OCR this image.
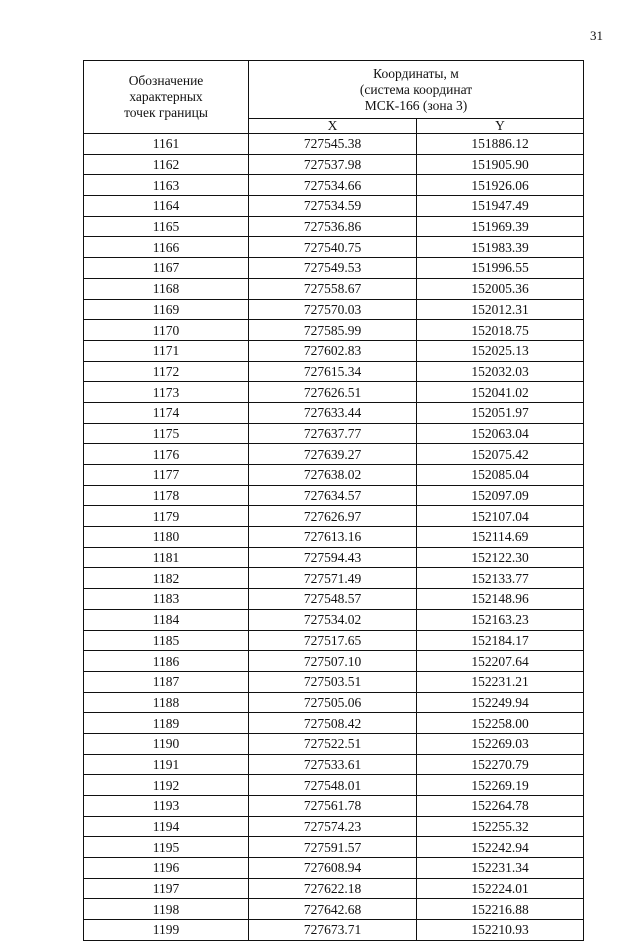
31
Обозначение
характерных
точек границы	Координаты, м
(система координат
МСК-166 (зона 3)	

	X	Y
1161	727545.38	151886.12
1162	727537.98	151905.90
1163	727534.66	151926.06
1164	727534.59	151947.49
1165	727536.86	151969.39
1166	727540.75	151983.39
1167	727549.53	151996.55
1168	727558.67	152005.36
1169	727570.03	152012.31
1170	727585.99	152018.75
1171	727602.83	152025.13
1172	727615.34	152032.03
1173	727626.51	152041.02
1174	727633.44	152051.97
1175	727637.77	152063.04
1176	727639.27	152075.42
1177	727638.02	152085.04
1178	727634.57	152097.09
1179	727626.97	152107.04
1180	727613.16	152114.69
1181	727594.43	152122.30
1182	727571.49	152133.77
1183	727548.57	152148.96
1184	727534.02	152163.23
1185	727517.65	152184.17
1186	727507.10	152207.64
1187	727503.51	152231.21
1188	727505.06	152249.94
1189	727508.42	152258.00
1190	727522.51	152269.03
1191	727533.61	152270.79
1192	727548.01	152269.19
1193	727561.78	152264.78
1194	727574.23	152255.32
1195	727591.57	152242.94
1196	727608.94	152231.34
1197	727622.18	152224.01
1198	727642.68	152216.88
1199	727673.71	152210.93
